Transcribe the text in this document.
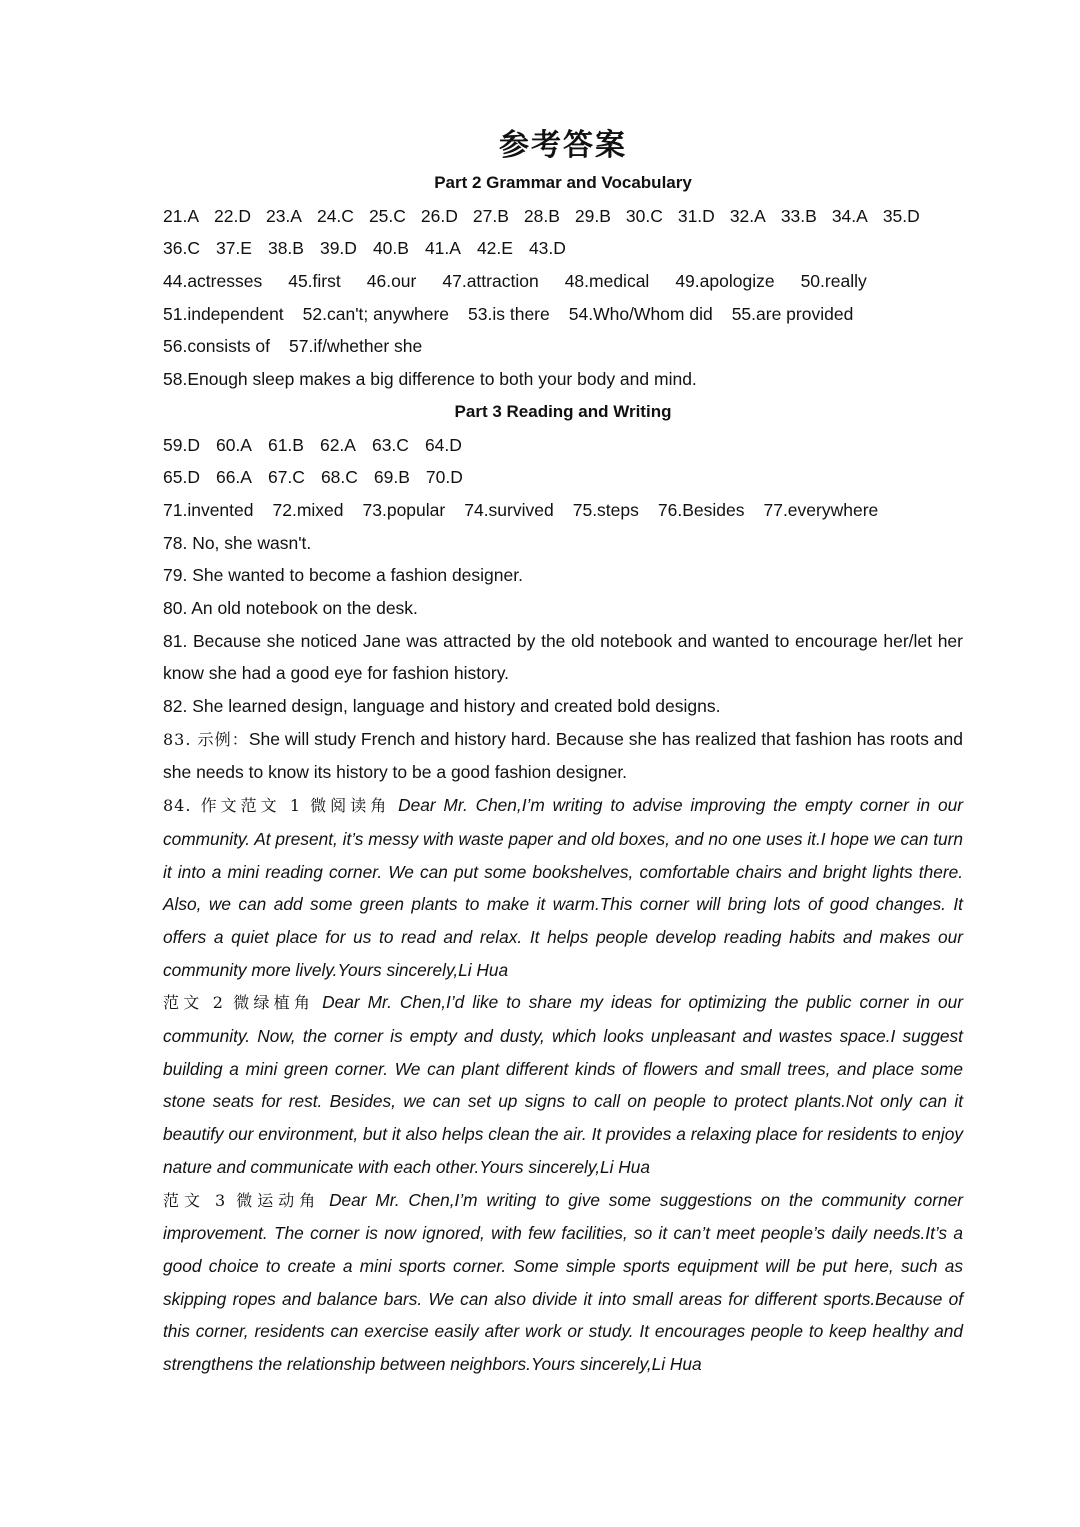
参考答案
Part 2 Grammar and Vocabulary
21.A 22.D 23.A 24.C 25.C 26.D 27.B 28.B 29.B 30.C 31.D 32.A 33.B 34.A 35.D
36.C 37.E 38.B 39.D 40.B 41.A 42.E 43.D
44.actresses 45.first 46.our 47.attraction 48.medical 49.apologize 50.really
51.independent 52.can't; anywhere 53.is there 54.Who/Whom did 55.are provided
56.consists of 57.if/whether she
58.Enough sleep makes a big difference to both your body and mind.
Part 3 Reading and Writing
59.D 60.A 61.B 62.A 63.C 64.D
65.D 66.A 67.C 68.C 69.B 70.D
71.invented 72.mixed 73.popular 74.survived 75.steps 76.Besides 77.everywhere
78. No, she wasn't.
79. She wanted to become a fashion designer.
80. An old notebook on the desk.
81. Because she noticed Jane was attracted by the old notebook and wanted to encourage her/let her know she had a good eye for fashion history.
82. She learned design, language and history and created bold designs.
83. 示例：She will study French and history hard. Because she has realized that fashion has roots and she needs to know its history to be a good fashion designer.
84. 作文范文 1 微阅读角 Dear Mr. Chen,I’m writing to advise improving the empty corner in our community. At present, it’s messy with waste paper and old boxes, and no one uses it.I hope we can turn it into a mini reading corner. We can put some bookshelves, comfortable chairs and bright lights there. Also, we can add some green plants to make it warm.This corner will bring lots of good changes. It offers a quiet place for us to read and relax. It helps people develop reading habits and makes our community more lively.Yours sincerely,Li Hua
范文 2 微绿植角 Dear Mr. Chen,I’d like to share my ideas for optimizing the public corner in our community. Now, the corner is empty and dusty, which looks unpleasant and wastes space.I suggest building a mini green corner. We can plant different kinds of flowers and small trees, and place some stone seats for rest. Besides, we can set up signs to call on people to protect plants.Not only can it beautify our environment, but it also helps clean the air. It provides a relaxing place for residents to enjoy nature and communicate with each other.Yours sincerely,Li Hua
范文 3 微运动角 Dear Mr. Chen,I’m writing to give some suggestions on the community corner improvement. The corner is now ignored, with few facilities, so it can’t meet people’s daily needs.It’s a good choice to create a mini sports corner. Some simple sports equipment will be put here, such as skipping ropes and balance bars. We can also divide it into small areas for different sports.Because of this corner, residents can exercise easily after work or study. It encourages people to keep healthy and strengthens the relationship between neighbors.Yours sincerely,Li Hua
